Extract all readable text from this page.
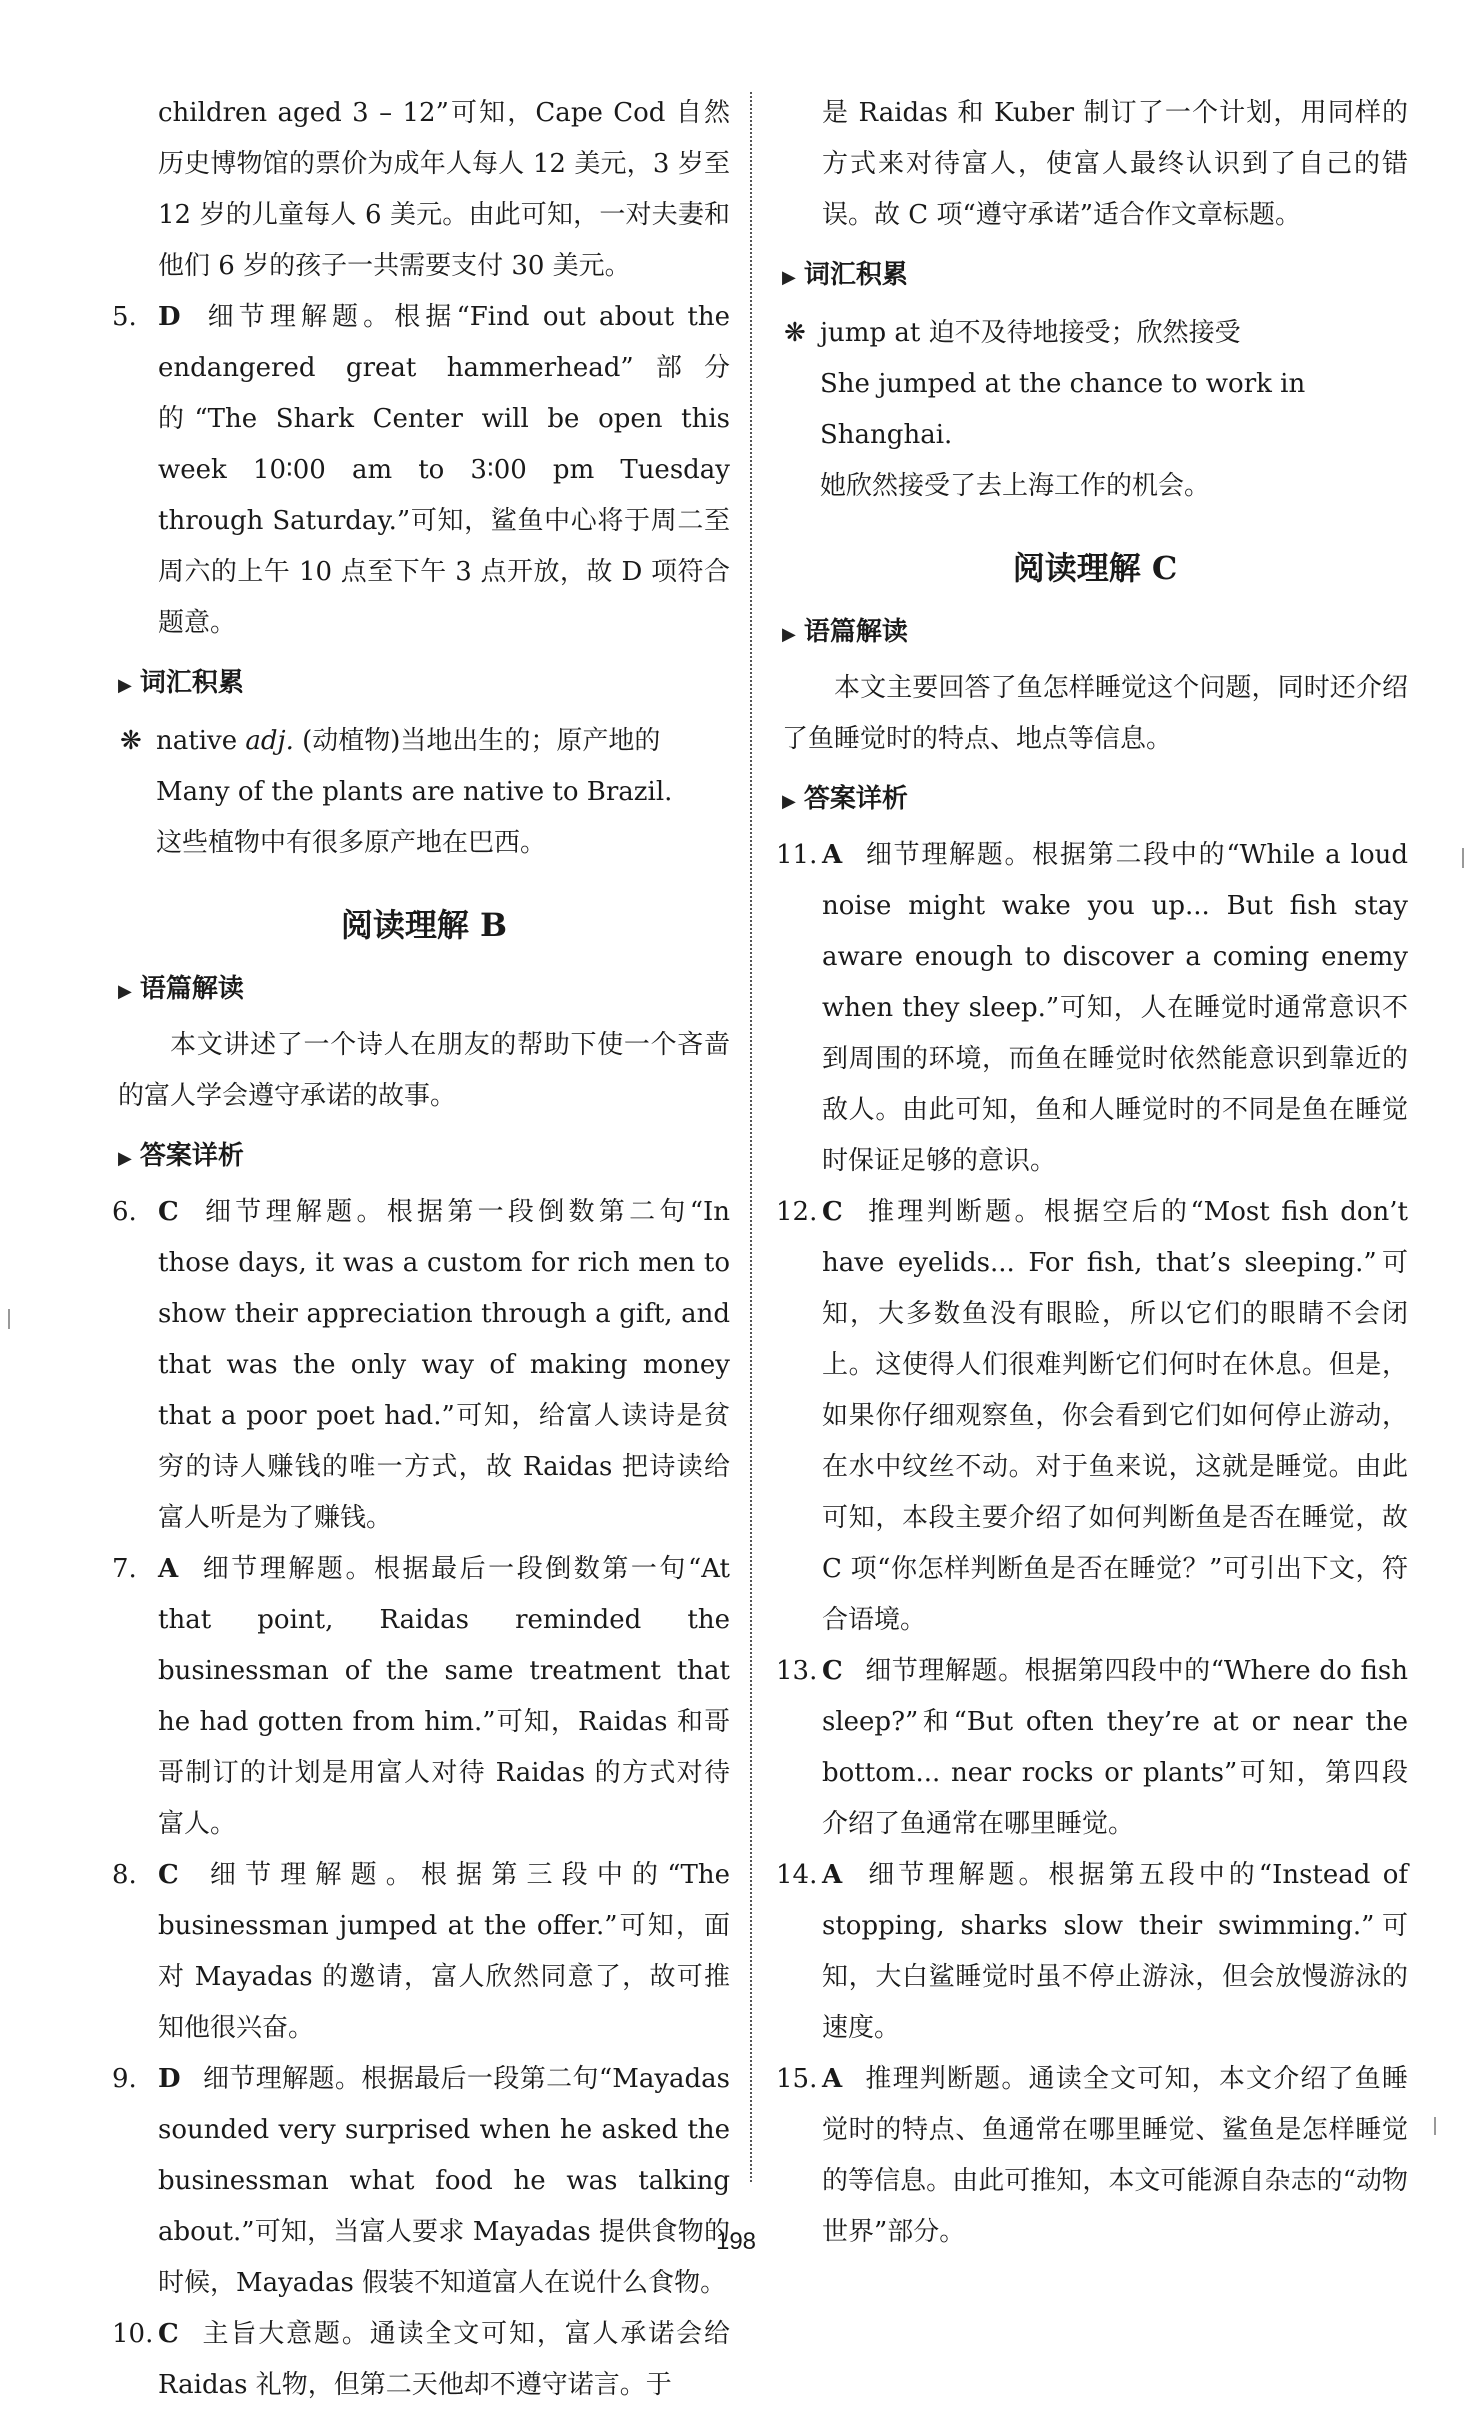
children aged 3 – 12”可知，Cape Cod 自然历史博物馆的票价为成年人每人 12 美元，3 岁至 12 岁的儿童每人 6 美元。由此可知，一对夫妻和他们 6 岁的孩子一共需要支付 30 美元。

5. D 细节理解题。根据“Find out about the endangered great hammerhead”部分的“The Shark Center will be open this week 10∶00 am to 3∶00 pm Tuesday through Saturday.”可知，鲨鱼中心将于周二至周六的上午 10 点至下午 3 点开放，故 D 项符合题意。
▶ 词汇积累
❋ native adj. (动植物)当地出生的；原产地的
Many of the plants are native to Brazil.
这些植物中有很多原产地在巴西。
阅读理解 B
▶ 语篇解读

本文讲述了一个诗人在朋友的帮助下使一个吝啬的富人学会遵守承诺的故事。

▶ 答案详析
6. C 细节理解题。根据第一段倒数第二句“In those days, it was a custom for rich men to show their appreciation through a gift, and that was the only way of making money that a poor poet had.”可知，给富人读诗是贫穷的诗人赚钱的唯一方式，故 Raidas 把诗读给富人听是为了赚钱。
7. A 细节理解题。根据最后一段倒数第一句“At that point, Raidas reminded the businessman of the same treatment that he had gotten from him.”可知，Raidas 和哥哥制订的计划是用富人对待 Raidas 的方式对待富人。
8. C 细节理解题。根据第三段中的“The businessman jumped at the offer.”可知，面对 Mayadas 的邀请，富人欣然同意了，故可推知他很兴奋。
9. D 细节理解题。根据最后一段第二句“Mayadas sounded very surprised when he asked the businessman what food he was talking about.”可知，当富人要求 Mayadas 提供食物的时候，Mayadas 假装不知道富人在说什么食物。
10. C 主旨大意题。通读全文可知，富人承诺会给 Raidas 礼物，但第二天他却不遵守诺言。于

是 Raidas 和 Kuber 制订了一个计划，用同样的方式来对待富人，使富人最终认识到了自己的错误。故 C 项“遵守承诺”适合作文章标题。

▶ 词汇积累
❋ jump at 迫不及待地接受；欣然接受
She jumped at the chance to work in Shanghai.
她欣然接受了去上海工作的机会。
阅读理解 C
▶ 语篇解读

本文主要回答了鱼怎样睡觉这个问题，同时还介绍了鱼睡觉时的特点、地点等信息。

▶ 答案详析
11. A 细节理解题。根据第二段中的“While a loud noise might wake you up... But fish stay aware enough to discover a coming enemy when they sleep.”可知，人在睡觉时通常意识不到周围的环境，而鱼在睡觉时依然能意识到靠近的敌人。由此可知，鱼和人睡觉时的不同是鱼在睡觉时保证足够的意识。
12. C 推理判断题。根据空后的“Most fish don’t have eyelids... For fish, that’s sleeping.”可知，大多数鱼没有眼睑，所以它们的眼睛不会闭上。这使得人们很难判断它们何时在休息。但是，如果你仔细观察鱼，你会看到它们如何停止游动，在水中纹丝不动。对于鱼来说，这就是睡觉。由此可知，本段主要介绍了如何判断鱼是否在睡觉，故 C 项“你怎样判断鱼是否在睡觉？”可引出下文，符合语境。
13. C 细节理解题。根据第四段中的“Where do fish sleep?”和“But often they’re at or near the bottom... near rocks or plants”可知，第四段介绍了鱼通常在哪里睡觉。
14. A 细节理解题。根据第五段中的“Instead of stopping, sharks slow their swimming.”可知，大白鲨睡觉时虽不停止游泳，但会放慢游泳的速度。
15. A 推理判断题。通读全文可知，本文介绍了鱼睡觉时的特点、鱼通常在哪里睡觉、鲨鱼是怎样睡觉的等信息。由此可推知，本文可能源自杂志的“动物世界”部分。
198
